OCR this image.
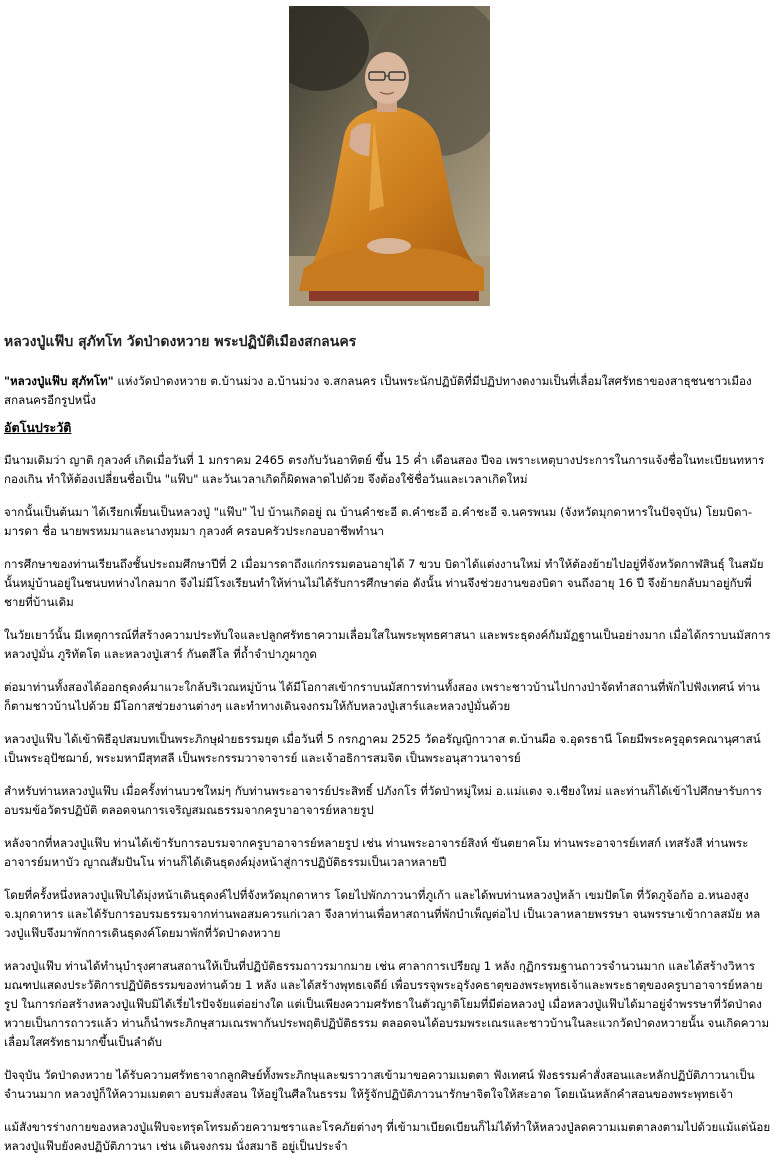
หลวงปู่แฟ๊บ สุภัทโท วัดป่าดงหวาย พระปฏิบัติเมืองสกลนคร

"หลวงปู่แฟ๊บ สุภัทโท" แห่งวัดป่าดงหวาย ต.บ้านม่วง อ.บ้านม่วง จ.สกลนคร เป็นพระนักปฏิบัติที่มีปฏิปทางดงามเป็นที่เลื่อมใสศรัทธาของสาธุชนชาวเมือง สกลนครอีกรูปหนึ่ง

อัตโนประวัติ

มีนามเดิมว่า ญาติ กุลวงศ์ เกิดเมื่อวันที่ 1 มกราคม 2465 ตรงกับวันอาทิตย์ ขึ้น 15 ค่ำ เดือนสอง ปีจอ เพราะเหตุบางประการในการแจ้งชื่อในทะเบียนทหารกองเกิน ทำให้ต้องเปลี่ยนชื่อเป็น "แฟ๊บ" และวันเวลาเกิดก็ผิดพลาดไปด้วย จึงต้องใช้ชื่อวันและเวลาเกิดใหม่

จากนั้นเป็นต้นมา ได้เรียกเพี้ยนเป็นหลวงปู่ "แฟ๊บ" ไป บ้านเกิดอยู่ ณ บ้านคำชะอี ต.คำชะอี อ.คำชะอี จ.นครพนม (จังหวัดมุกดาหารในปัจจุบัน) โยมบิดา-มารดา ชื่อ นายพรหมมาและนางทุมมา กุลวงศ์ ครอบครัวประกอบอาชีพทำนา

การศึกษาของท่านเรียนถึงชั้นประถมศึกษาปีที่ 2 เมื่อมารดาถึงแก่กรรมตอนอายุได้ 7 ขวบ บิดาได้แต่งงานใหม่ ทำให้ต้องย้ายไปอยู่ที่จังหวัดกาฬสินธุ์ ในสมัยนั้นหมู่บ้านอยู่ในชนบทห่างไกลมาก จึงไม่มีโรงเรียนทำให้ท่านไม่ได้รับการศึกษาต่อ ดังนั้น ท่านจึงช่วยงานของบิดา จนถึงอายุ 16 ปี จึงย้ายกลับมาอยู่กับพี่ชายที่บ้านเดิม

ในวัยเยาว์นั้น มีเหตุการณ์ที่สร้างความประทับใจและปลูกศรัทธาความเลื่อมใสในพระพุทธศาสนา และพระธุดงค์กัมมัฏฐานเป็นอย่างมาก เมื่อได้กราบนมัสการหลวงปู่มั่น ภูริทัตโต และหลวงปู่เสาร์ กันตสีโล ที่ถ้ำจำปาภูผากูด

ต่อมาท่านทั้งสองได้ออกธุดงค์มาแวะใกล้บริเวณหมู่บ้าน ได้มีโอกาสเข้ากราบนมัสการท่านทั้งสอง เพราะชาวบ้านไปกางป่าจัดทำสถานที่พักไปฟังเทศน์ ท่านก็ตามชาวบ้านไปด้วย มีโอกาสช่วยงานต่างๆ และทำทางเดินจงกรมให้กับหลวงปู่เสาร์และหลวงปู่มั่นด้วย

หลวงปู่แฟ๊บ ได้เข้าพิธีอุปสมบทเป็นพระภิกษุฝ่ายธรรมยุต เมื่อวันที่ 5 กรกฎาคม 2525 วัดอรัญญิกาวาส ต.บ้านผือ จ.อุดรธานี โดยมีพระครูอุดรคณานุศาสน์ เป็นพระอุปัชฌาย์, พระมหามีสุทสลี เป็นพระกรรมวาจาจารย์ และเจ้าอธิการสมจิต เป็นพระอนุสาวนาจารย์

สำหรับท่านหลวงปู่แฟ๊บ เมื่อครั้งท่านบวชใหม่ๆ กับท่านพระอาจารย์ประสิทธิ์ ปภังกโร ที่วัดป่าหมู่ใหม่ อ.แม่แตง จ.เชียงใหม่ และท่านก็ได้เข้าไปศึกษารับการอบรมข้อวัตรปฏิบัติ ตลอดจนการเจริญสมณธรรมจากครูบาอาจารย์หลายรูป

หลังจากที่หลวงปู่แฟ๊บ ท่านได้เข้ารับการอบรมจากครูบาอาจารย์หลายรูป เช่น ท่านพระอาจารย์สิงห์ ขันตยาคโม ท่านพระอาจารย์เทสก์ เทสรังสี ท่านพระอาจารย์มหาบัว ญาณสัมปันโน ท่านก็ได้เดินธุดงค์มุ่งหน้าสู่การปฏิบัติธรรมเป็นเวลาหลายปี

โดยที่ครั้งหนึ่งหลวงปู่แฟ๊บได้มุ่งหน้าเดินธุดงค์ไปที่จังหวัดมุกดาหาร โดยไปพักภาวนาที่ภูเก้า และได้พบท่านหลวงปู่หล้า เขมปัตโต ที่วัดภูจ้อก้อ อ.หนองสูง จ.มุกดาหาร และได้รับการอบรมธรรมจากท่านพอสมควรแก่เวลา จึงลาท่านเพื่อหาสถานที่พักบำเพ็ญต่อไป เป็นเวลาหลายพรรษา จนพรรษาเข้ากาลสมัย หลวงปู่แฟ๊บจึงมาพักการเดินธุดงค์โดยมาพักที่วัดป่าดงหวาย

หลวงปู่แฟ๊บ ท่านได้ทำนุบำรุงศาสนสถานให้เป็นที่ปฏิบัติธรรมถาวรมากมาย เช่น ศาลาการเปรียญ 1 หลัง กุฏิกรรมฐานถาวรจำนวนมาก และได้สร้างวิหารมณฑปแสดงประวัติการปฏิบัติธรรมของท่านด้วย 1 หลัง และได้สร้างพุทธเจดีย์ เพื่อบรรจุพระอุรังคธาตุของพระพุทธเจ้าและพระธาตุของครูบาอาจารย์หลายรูป ในการก่อสร้างหลวงปู่แฟ๊บมิได้เรี่ยไรปัจจัยแต่อย่างใด แต่เป็นเพียงความศรัทธาในตัวญาติโยมที่มีต่อหลวงปู่ เมื่อหลวงปู่แฟ๊บได้มาอยู่จำพรรษาที่วัดป่าดงหวายเป็นการถาวรแล้ว ท่านก็นำพระภิกษุสามเณรพากันประพฤติปฏิบัติธรรม ตลอดจนได้อบรมพระเณรและชาวบ้านในละแวกวัดป่าดงหวายนั้น จนเกิดความเลื่อมใสศรัทธามากขึ้นเป็นลำดับ

ปัจจุบัน วัดป่าดงหวาย ได้รับความศรัทธาจากลูกศิษย์ทั้งพระภิกษุและฆราวาสเข้ามาขอความเมตตา ฟังเทศน์ ฟังธรรมคำสั่งสอนและหลักปฏิบัติภาวนาเป็นจำนวนมาก หลวงปู่ก็ให้ความเมตตา อบรมสั่งสอน ให้อยู่ในศีลในธรรม ให้รู้จักปฏิบัติภาวนารักษาจิตใจให้สะอาด โดยเน้นหลักคำสอนของพระพุทธเจ้า

แม้สังขารร่างกายของหลวงปู่แฟ๊บจะทรุดโทรมด้วยความชราและโรคภัยต่างๆ ที่เข้ามาเบียดเบียนก็ไม่ได้ทำให้หลวงปู่ลดความเมตตาลงตามไปด้วยแม้แต่น้อย หลวงปู่แฟ๊บยังคงปฏิบัติภาวนา เช่น เดินจงกรม นั่งสมาธิ อยู่เป็นประจำ
